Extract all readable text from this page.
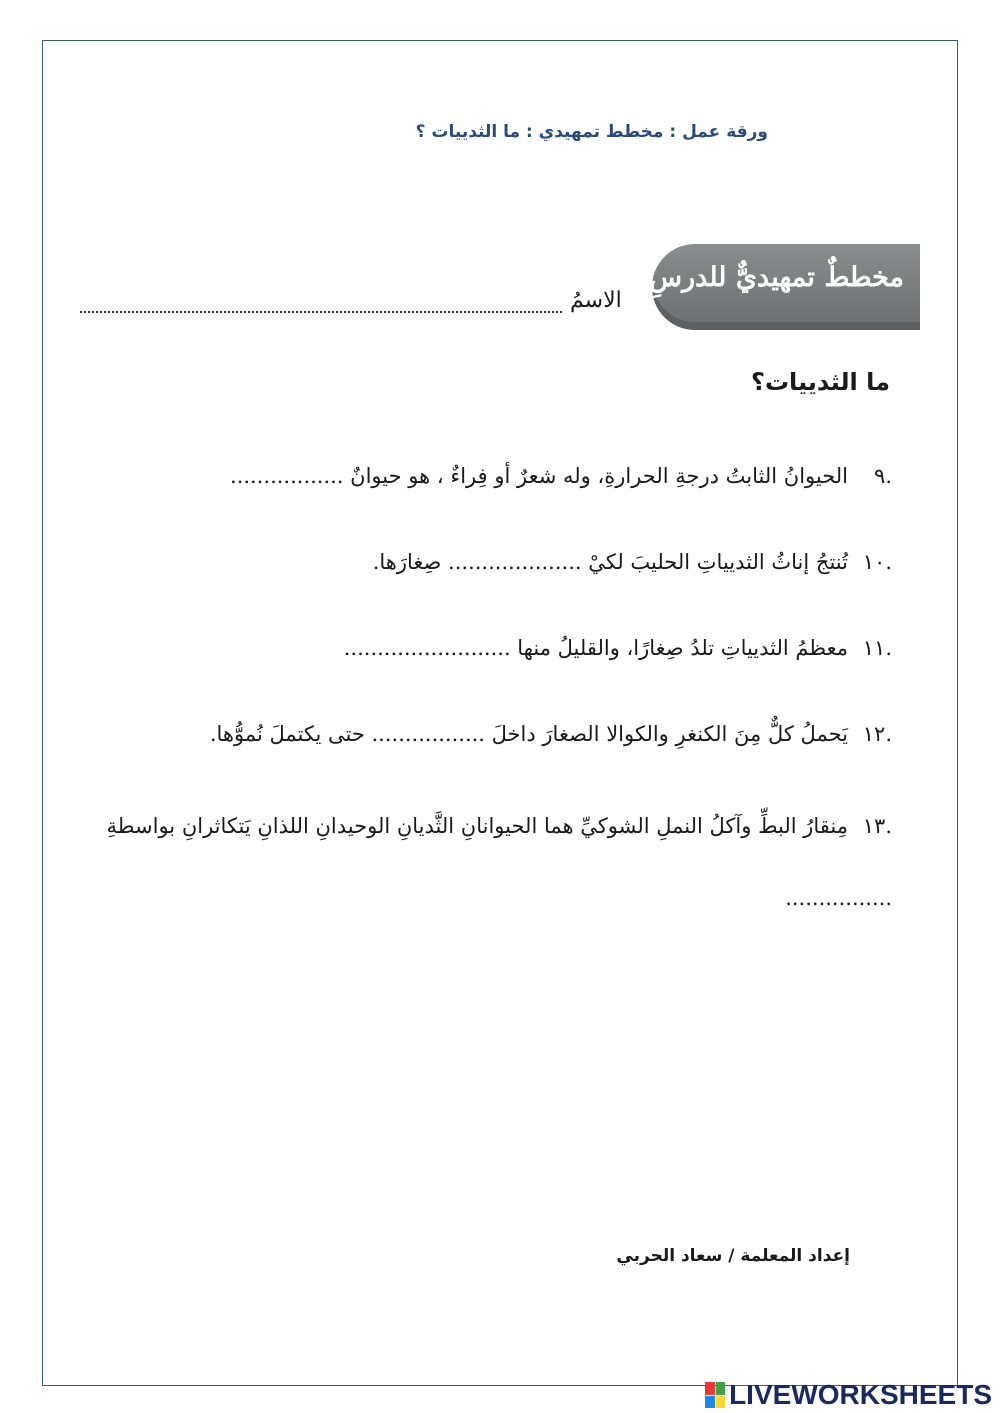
ورقة عمل : مخطط تمهيدي : ما الثدييات ؟
مخططٌ تمهيديٌّ للدرسِ
الاسمُ
ما الثدييات؟
.٩الحيوانُ الثابتُ درجةِ الحرارةِ، وله شعرٌ أو فِراءٌ ، هو حيوانٌ .................
.١٠تُنتجُ إناثُ الثديياتِ الحليبَ لكيْ .................... صِغارَها.
.١١معظمُ الثديياتِ تلدُ صِغارًا، والقليلُ منها .........................
.١٢يَحملُ كلٌّ مِنَ الكنغرِ والكوالا الصغارَ داخلَ ................. حتى يكتملَ نُموُّها.
.١٣مِنقارُ البطِّ وآكلُ النملِ الشوكيِّ هما الحيوانانِ الثَّديانِ الوحيدانِ اللذانِ يَتكاثرانِ بواسطةِ ................
إعداد المعلمة / سعاد الحربي
LIVEWORKSHEETS
